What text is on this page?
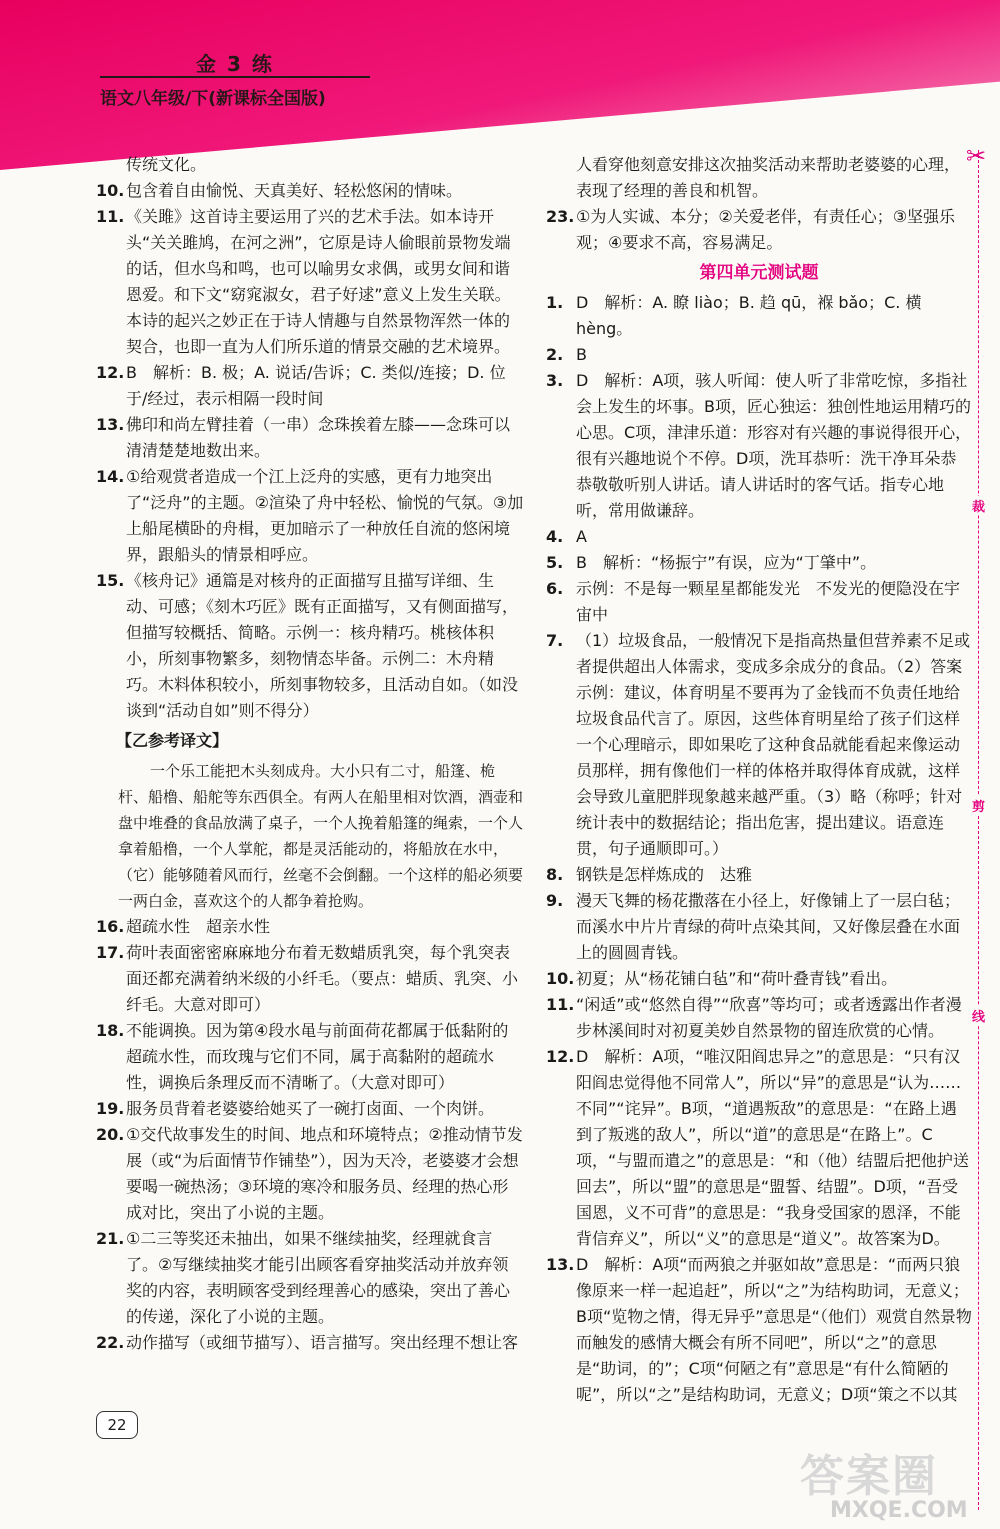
金 3 练
语文八年级/下(新课标全国版)
✂
裁
剪
线
传统文化。
10. 包含着自由愉悦、天真美好、轻松悠闲的情味。
11. 《关雎》这首诗主要运用了兴的艺术手法。如本诗开头“关关雎鸠，在河之洲”，它原是诗人偷眼前景物发端的话，但水鸟和鸣，也可以喻男女求偶，或男女间和谐恩爱。和下文“窈窕淑女，君子好逑”意义上发生关联。本诗的起兴之妙正在于诗人情趣与自然景物浑然一体的契合，也即一直为人们所乐道的情景交融的艺术境界。
12. B　解析：B. 极；A. 说话/告诉；C. 类似/连接；D. 位于/经过，表示相隔一段时间
13. 佛印和尚左臂挂着（一串）念珠挨着左膝——念珠可以清清楚楚地数出来。
14. ①给观赏者造成一个江上泛舟的实感，更有力地突出了“泛舟”的主题。②渲染了舟中轻松、愉悦的气氛。③加上船尾横卧的舟楫，更加暗示了一种放任自流的悠闲境界，跟船头的情景相呼应。
15. 《核舟记》通篇是对核舟的正面描写且描写详细、生动、可感；《刻木巧匠》既有正面描写，又有侧面描写，但描写较概括、简略。示例一：核舟精巧。桃核体积小，所刻事物繁多，刻物情态毕备。示例二：木舟精巧。木料体积较小，所刻事物较多，且活动自如。（如没谈到“活动自如”则不得分）
【乙参考译文】
一个乐工能把木头刻成舟。大小只有二寸，船篷、桅杆、船橹、船舵等东西俱全。有两人在船里相对饮酒，酒壶和盘中堆叠的食品放满了桌子，一个人挽着船篷的绳索，一个人拿着船橹，一个人掌舵，都是灵活能动的，将船放在水中，（它）能够随着风而行，丝毫不会倒翻。一个这样的船必须要一两白金，喜欢这个的人都争着抢购。
16. 超疏水性　超亲水性
17. 荷叶表面密密麻麻地分布着无数蜡质乳突，每个乳突表面还都充满着纳米级的小纤毛。（要点：蜡质、乳突、小纤毛。大意对即可）
18. 不能调换。因为第④段水黾与前面荷花都属于低黏附的超疏水性，而玫瑰与它们不同，属于高黏附的超疏水性，调换后条理反而不清晰了。（大意对即可）
19. 服务员背着老婆婆给她买了一碗打卤面、一个肉饼。
20. ①交代故事发生的时间、地点和环境特点；②推动情节发展（或“为后面情节作铺垫”），因为天冷，老婆婆才会想要喝一碗热汤；③环境的寒冷和服务员、经理的热心形成对比，突出了小说的主题。
21. ①二三等奖还未抽出，如果不继续抽奖，经理就食言了。②写继续抽奖才能引出顾客看穿抽奖活动并放弃领奖的内容，表明顾客受到经理善心的感染，突出了善心的传递，深化了小说的主题。
22. 动作描写（或细节描写）、语言描写。突出经理不想让客
人看穿他刻意安排这次抽奖活动来帮助老婆婆的心理，表现了经理的善良和机智。
23. ①为人实诚、本分；②关爱老伴，有责任心；③坚强乐观；④要求不高，容易满足。
第四单元测试题
1. D　解析：A. 瞭 liào；B. 趋 qū，褓 bǎo；C. 横 hèng。
2. B
3. D　解析：A项，骇人听闻：使人听了非常吃惊，多指社会上发生的坏事。B项，匠心独运：独创性地运用精巧的心思。C项，津津乐道：形容对有兴趣的事说得很开心，很有兴趣地说个不停。D项，洗耳恭听：洗干净耳朵恭恭敬敬听别人讲话。请人讲话时的客气话。指专心地听，常用做谦辞。
4. A
5. B　解析：“杨振宁”有误，应为“丁肇中”。
6. 示例：不是每一颗星星都能发光　不发光的便隐没在宇宙中
7. （1）垃圾食品，一般情况下是指高热量但营养素不足或者提供超出人体需求，变成多余成分的食品。（2）答案示例：建议，体育明星不要再为了金钱而不负责任地给垃圾食品代言了。原因，这些体育明星给了孩子们这样一个心理暗示，即如果吃了这种食品就能看起来像运动员那样，拥有像他们一样的体格并取得体育成就，这样会导致儿童肥胖现象越来越严重。（3）略（称呼；针对统计表中的数据结论；指出危害，提出建议。语意连贯，句子通顺即可。）
8. 钢铁是怎样炼成的　达雅
9. 漫天飞舞的杨花撒落在小径上，好像铺上了一层白毡；而溪水中片片青绿的荷叶点染其间，又好像层叠在水面上的圆圆青钱。
10. 初夏；从“杨花铺白毡”和“荷叶叠青钱”看出。
11. “闲适”或“悠然自得”“欣喜”等均可；或者透露出作者漫步林溪间时对初夏美妙自然景物的留连欣赏的心情。
12. D　解析：A项，“唯汉阳阎忠异之”的意思是：“只有汉阳阎忠觉得他不同常人”，所以“异”的意思是“认为……不同”“诧异”。B项，“道遇叛敌”的意思是：“在路上遇到了叛逃的敌人”，所以“道”的意思是“在路上”。C项，“与盟而遣之”的意思是：“和（他）结盟后把他护送回去”，所以“盟”的意思是“盟誓、结盟”。D项，“吾受国恩，义不可背”的意思是：“我身受国家的恩泽，不能背信弃义”，所以“义”的意思是“道义”。故答案为D。
13. D　解析：A项“而两狼之并驱如故”意思是：“而两只狼像原来一样一起追赶”，所以“之”为结构助词，无意义；B项“览物之情，得无异乎”意思是“（他们）观赏自然景物而触发的感情大概会有所不同吧”，所以“之”的意思是“助词，的”；C项“何陋之有”意思是“有什么简陋的呢”，所以“之”是结构助词，无意义；D项“策之不以其
22
答案圈
MXQE.COM
